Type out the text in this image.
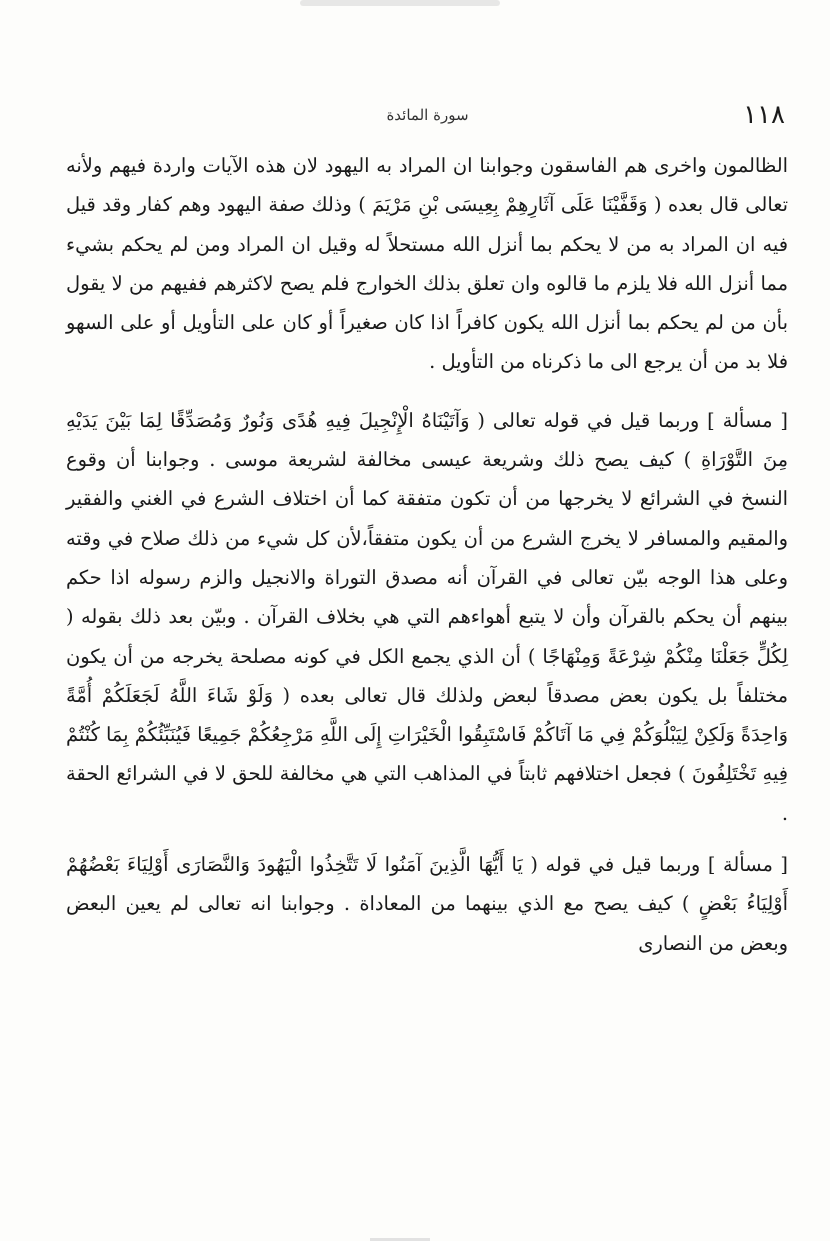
١١٨
سورة المائدة

الظالمون واخرى هم الفاسقون وجوابنا ان المراد به اليهود لان هذه الآيات واردة فيهم ولأنه تعالى قال بعده ( وَقَفَّيْنَا عَلَى آثَارِهِمْ بِعِيسَى بْنِ مَرْيَمَ ) وذلك صفة اليهود وهم كفار وقد قيل فيه ان المراد به من لا يحكم بما أنزل الله مستحلاً له وقيل ان المراد ومن لم يحكم بشيء مما أنزل الله فلا يلزم ما قالوه وان تعلق بذلك الخوارج فلم يصح لاكثرهم ففيهم من لا يقول بأن من لم يحكم بما أنزل الله يكون كافراً اذا كان صغيراً أو كان على التأويل أو على السهو فلا بد من أن يرجع الى ما ذكرناه من التأويل .

[ مسألة ] وربما قيل في قوله تعالى ( وَآتَيْنَاهُ الْإِنْجِيلَ فِيهِ هُدًى وَنُورٌ وَمُصَدِّقًا لِمَا بَيْنَ يَدَيْهِ مِنَ التَّوْرَاةِ ) كيف يصح ذلك وشريعة عيسى مخالفة لشريعة موسى . وجوابنا أن وقوع النسخ في الشرائع لا يخرجها من أن تكون متفقة كما أن اختلاف الشرع في الغني والفقير والمقيم والمسافر لا يخرج الشرع من أن يكون متفقاً،لأن كل شيء من ذلك صلاح في وقته وعلى هذا الوجه بيّن تعالى في القرآن أنه مصدق التوراة والانجيل والزم رسوله اذا حكم بينهم أن يحكم بالقرآن وأن لا يتبع أهواءهم التي هي بخلاف القرآن . وبيّن بعد ذلك بقوله ( لِكُلٍّ جَعَلْنَا مِنْكُمْ شِرْعَةً وَمِنْهَاجًا ) أن الذي يجمع الكل في كونه مصلحة يخرجه من أن يكون مختلفاً بل يكون بعض مصدقاً لبعض ولذلك قال تعالى بعده ( وَلَوْ شَاءَ اللَّهُ لَجَعَلَكُمْ أُمَّةً وَاحِدَةً وَلَكِنْ لِيَبْلُوَكُمْ فِي مَا آتَاكُمْ فَاسْتَبِقُوا الْخَيْرَاتِ إِلَى اللَّهِ مَرْجِعُكُمْ جَمِيعًا فَيُنَبِّئُكُمْ بِمَا كُنْتُمْ فِيهِ تَخْتَلِفُونَ ) فجعل اختلافهم ثابتاً في المذاهب التي هي مخالفة للحق لا في الشرائع الحقة .

[ مسألة ] وربما قيل في قوله ( يَا أَيُّهَا الَّذِينَ آمَنُوا لَا تَتَّخِذُوا الْيَهُودَ وَالنَّصَارَى أَوْلِيَاءَ بَعْضُهُمْ أَوْلِيَاءُ بَعْضٍ ) كيف يصح مع الذي بينهما من المعاداة . وجوابنا انه تعالى لم يعين البعض وبعض من النصارى
